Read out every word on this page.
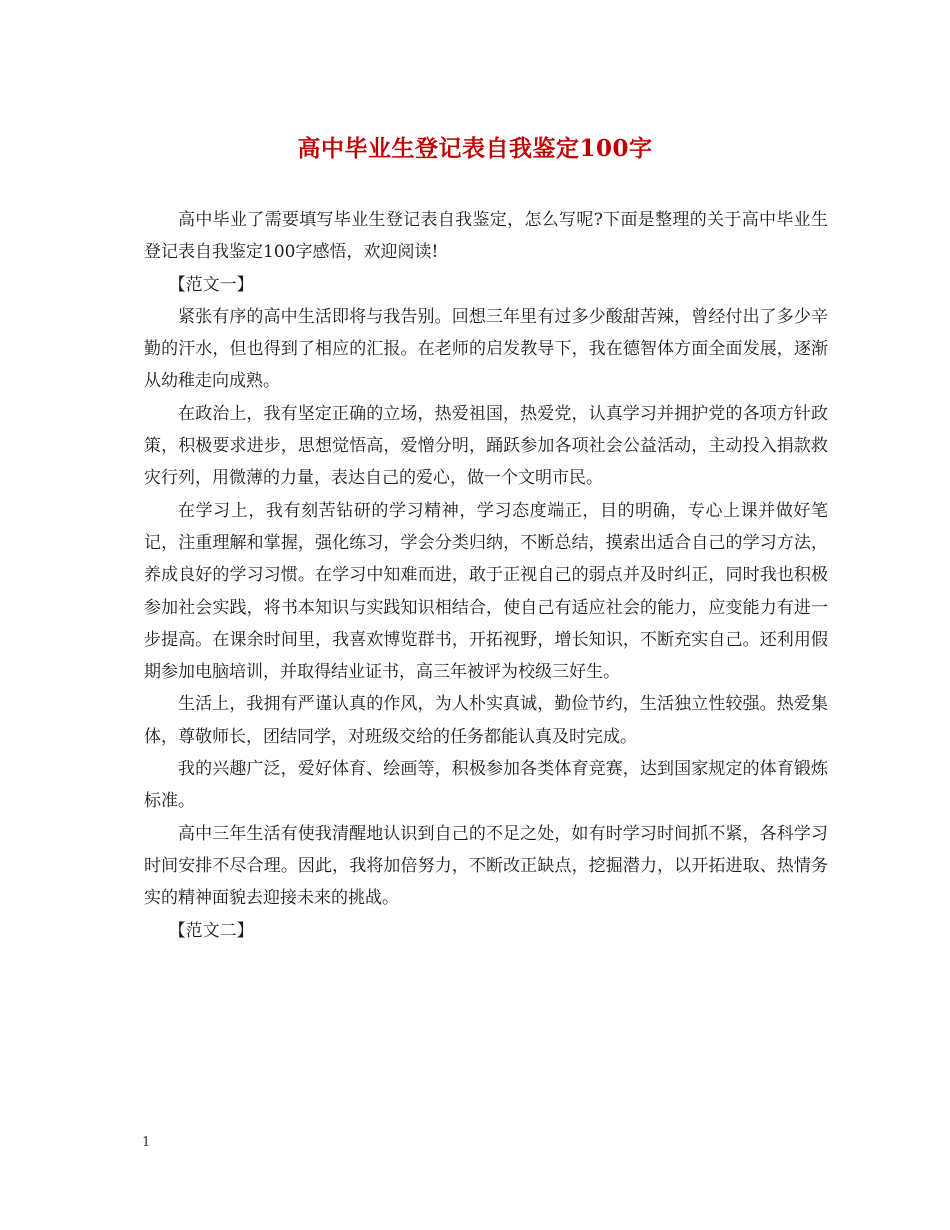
高中毕业生登记表自我鉴定100字

高中毕业了需要填写毕业生登记表自我鉴定，怎么写呢?下面是整理的关于高中毕业生登记表自我鉴定100字感悟，欢迎阅读!

【范文一】

紧张有序的高中生活即将与我告别。回想三年里有过多少酸甜苦辣，曾经付出了多少辛勤的汗水，但也得到了相应的汇报。在老师的启发教导下，我在德智体方面全面发展，逐渐从幼稚走向成熟。

在政治上，我有坚定正确的立场，热爱祖国，热爱党，认真学习并拥护党的各项方针政策，积极要求进步，思想觉悟高，爱憎分明，踊跃参加各项社会公益活动，主动投入捐款救灾行列，用微薄的力量，表达自己的爱心，做一个文明市民。

在学习上，我有刻苦钻研的学习精神，学习态度端正，目的明确，专心上课并做好笔记，注重理解和掌握，强化练习，学会分类归纳，不断总结，摸索出适合自己的学习方法，养成良好的学习习惯。在学习中知难而进，敢于正视自己的弱点并及时纠正，同时我也积极参加社会实践，将书本知识与实践知识相结合，使自己有适应社会的能力，应变能力有进一步提高。在课余时间里，我喜欢博览群书，开拓视野，增长知识，不断充实自己。还利用假期参加电脑培训，并取得结业证书，高三年被评为校级三好生。

生活上，我拥有严谨认真的作风，为人朴实真诚，勤俭节约，生活独立性较强。热爱集体，尊敬师长，团结同学，对班级交给的任务都能认真及时完成。

我的兴趣广泛，爱好体育、绘画等，积极参加各类体育竞赛，达到国家规定的体育锻炼标准。

高中三年生活有使我清醒地认识到自己的不足之处，如有时学习时间抓不紧，各科学习时间安排不尽合理。因此，我将加倍努力，不断改正缺点，挖掘潜力，以开拓进取、热情务实的精神面貌去迎接未来的挑战。

【范文二】

1
